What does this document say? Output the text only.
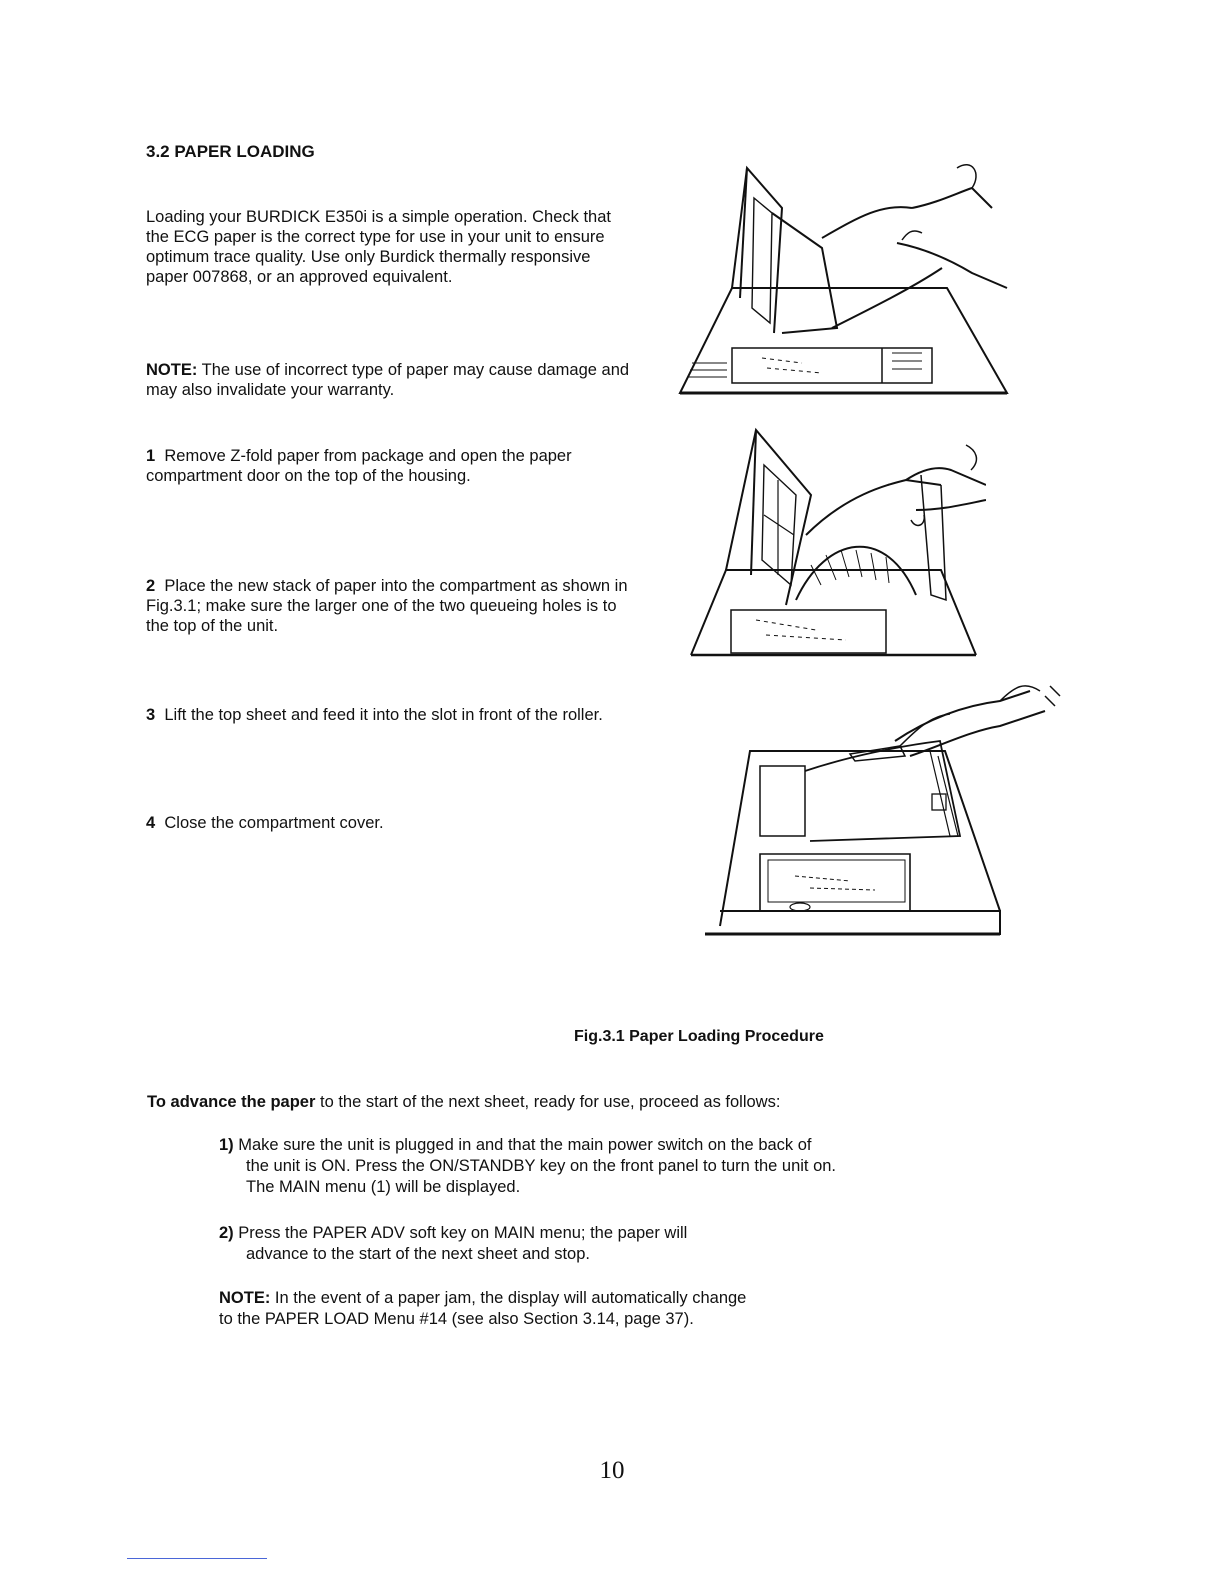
3.2 PAPER LOADING
Loading your BURDICK E350i is a simple operation. Check that the ECG paper is the correct type for use in your unit to ensure optimum trace quality. Use only Burdick thermally responsive paper 007868, or an approved equivalent.
NOTE: The use of incorrect type of paper may cause damage and may also invalidate your warranty.
1 Remove Z-fold paper from package and open the paper compartment door on the top of the housing.
2 Place the new stack of paper into the compartment as shown in Fig.3.1; make sure the larger one of the two queueing holes is to the top of the unit.
3 Lift the top sheet and feed it into the slot in front of the roller.
4 Close the compartment cover.
Fig.3.1 Paper Loading Procedure
To advance the paper to the start of the next sheet, ready for use, proceed as follows:
1) Make sure the unit is plugged in and that the main power switch on the back of
the unit is ON. Press the ON/STANDBY key on the front panel to turn the unit on.
The MAIN menu (1) will be displayed.
2) Press the PAPER ADV soft key on MAIN menu; the paper will
advance to the start of the next sheet and stop.
NOTE: In the event of a paper jam, the display will automatically change
to the PAPER LOAD Menu #14 (see also Section 3.14, page 37).
10
